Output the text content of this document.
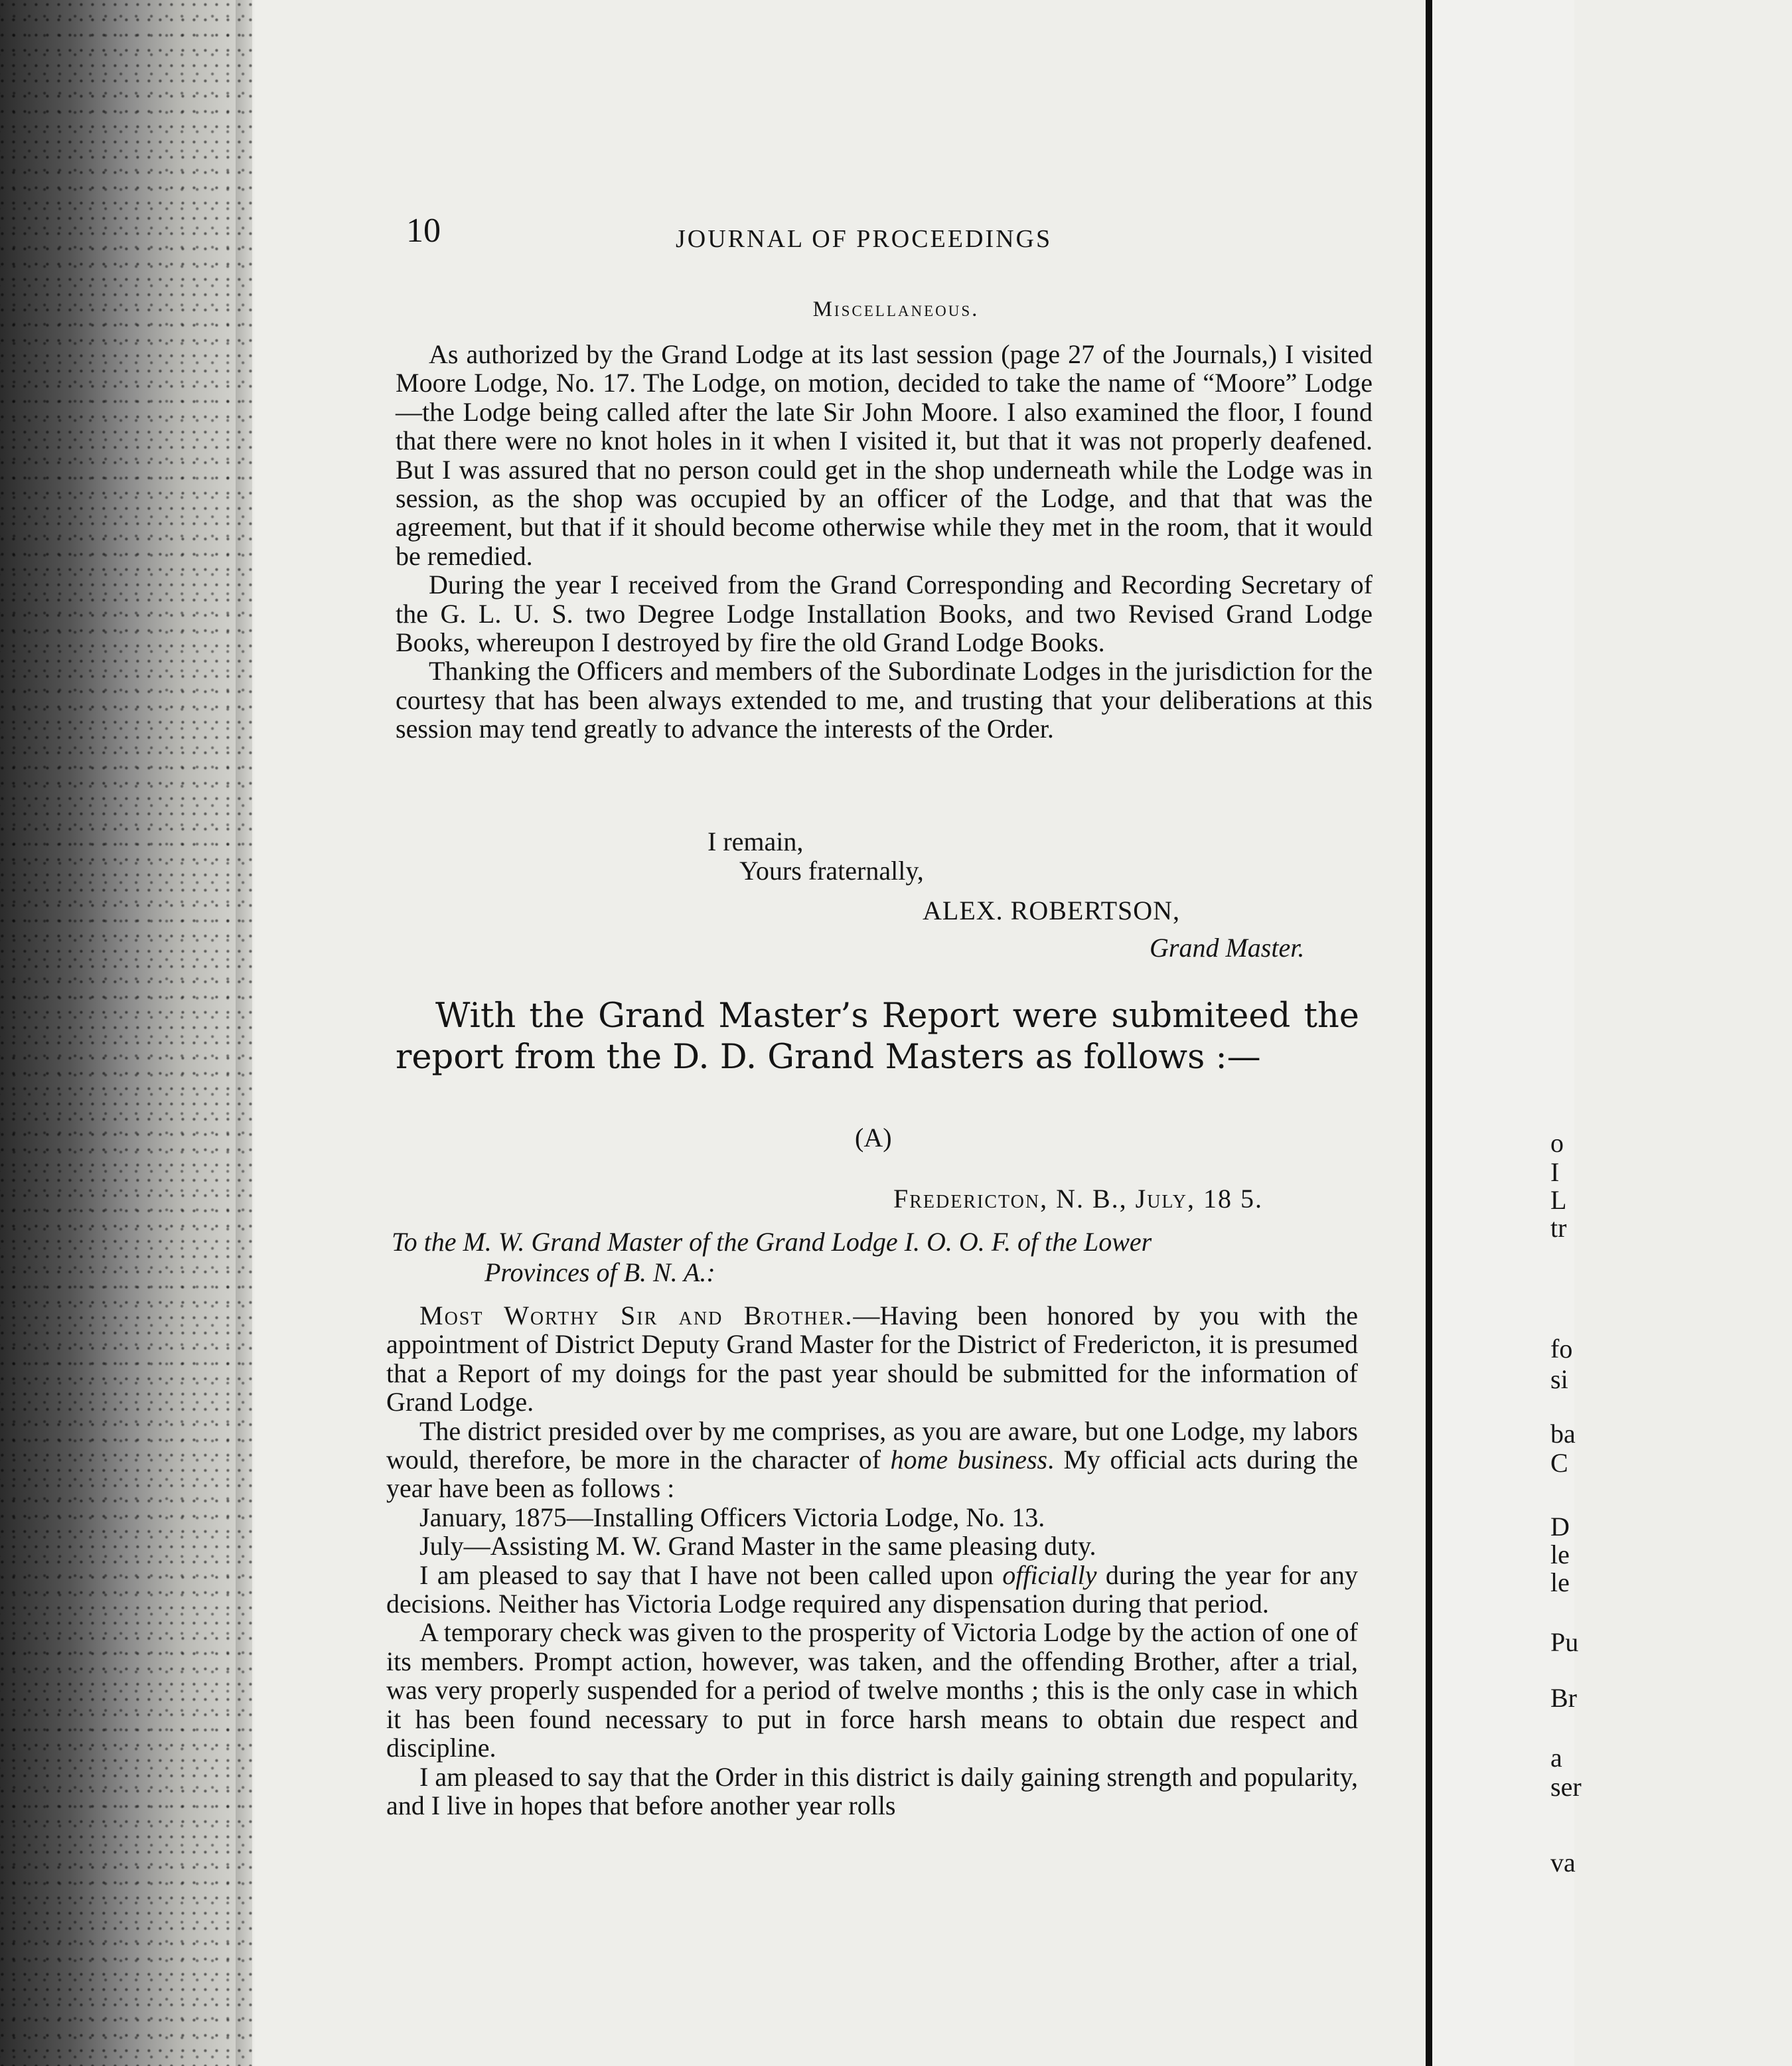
o
I
L
tr
fo
si
ba
C
D
le
le
Pu
Br
a
ser
va
10	JOURNAL OF PROCEEDINGS
Miscellaneous.

As authorized by the Grand Lodge at its last session (page 27 of the Journals,) I visited Moore Lodge, No. 17. The Lodge, on motion, decided to take the name of “Moore” Lodge—the Lodge being called after the late Sir John Moore. I also examined the floor, I found that there were no knot holes in it when I visited it, but that it was not properly deafened. But I was assured that no person could get in the shop underneath while the Lodge was in session, as the shop was occupied by an officer of the Lodge, and that that was the agreement, but that if it should become otherwise while they met in the room, that it would be remedied.

During the year I received from the Grand Corresponding and Recording Secretary of the G. L. U. S. two Degree Lodge Installation Books, and two Revised Grand Lodge Books, whereupon I destroyed by fire the old Grand Lodge Books.

Thanking the Officers and members of the Subordinate Lodges in the jurisdiction for the courtesy that has been always extended to me, and trusting that your deliberations at this session may tend greatly to advance the interests of the Order.

I remain,
Yours fraternally,
ALEX. ROBERTSON,
Grand Master.

With the Grand Master’s Report were submiteed the report from the D. D. Grand Masters as follows :—

(A)
Fredericton, N. B., July, 18 5.
To the M. W. Grand Master of the Grand Lodge I. O. O. F. of the Lower
Provinces of B. N. A.:

Most Worthy Sir and Brother.—Having been honored by you with the appointment of District Deputy Grand Master for the District of Fredericton, it is presumed that a Report of my doings for the past year should be submitted for the information of Grand Lodge.

The district presided over by me comprises, as you are aware, but one Lodge, my labors would, therefore, be more in the character of home business. My official acts during the year have been as follows :

January, 1875—Installing Officers Victoria Lodge, No. 13.

July—Assisting M. W. Grand Master in the same pleasing duty.

I am pleased to say that I have not been called upon officially during the year for any decisions. Neither has Victoria Lodge required any dispensation during that period.

A temporary check was given to the prosperity of Victoria Lodge by the action of one of its members. Prompt action, however, was taken, and the offending Brother, after a trial, was very properly suspended for a period of twelve months ; this is the only case in which it has been found necessary to put in force harsh means to obtain due respect and discipline.

I am pleased to say that the Order in this district is daily gaining strength and popularity, and I live in hopes that before another year rolls
